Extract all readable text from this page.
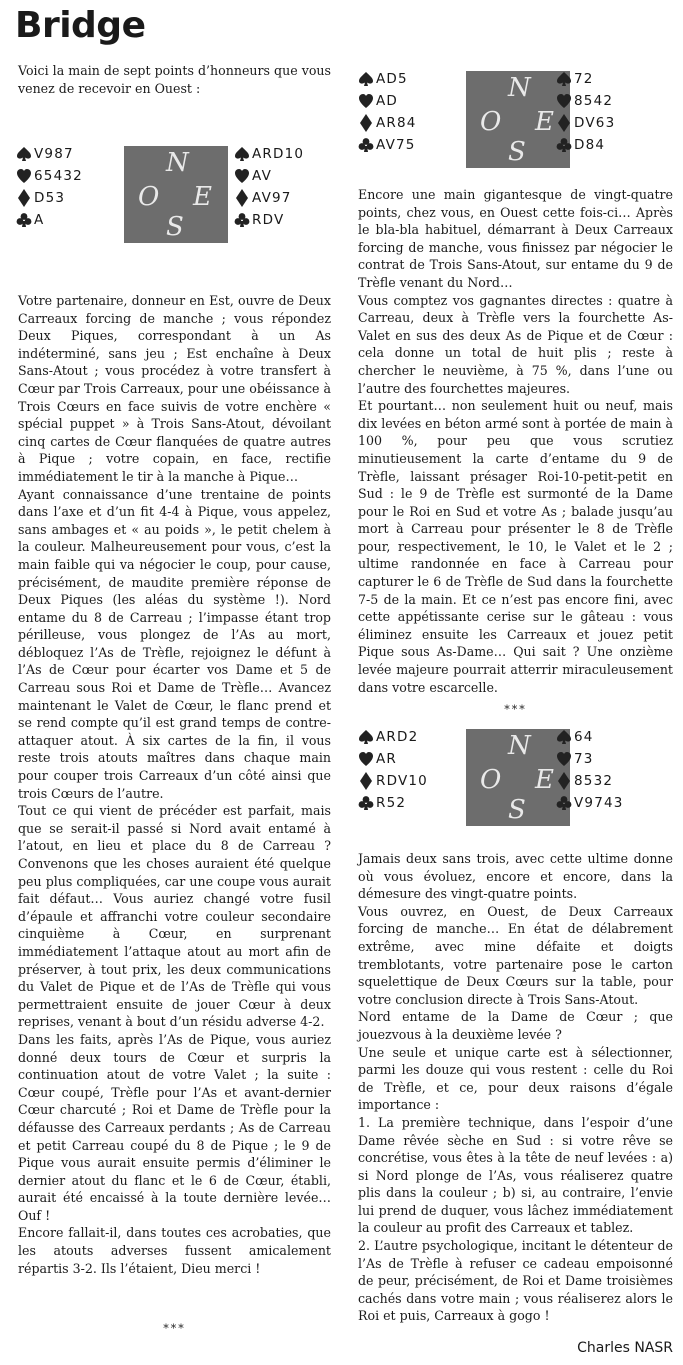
Bridge

Voici la main de sept points d’honneurs que vous venez de recevoir en Ouest :

V987
65432
D53
A
N
O E
S
ARD10
AV
AV97
RDV

Votre partenaire, donneur en Est, ouvre de Deux Carreaux forcing de manche ; vous répondez Deux Piques, correspondant à un As indéterminé, sans jeu ; Est enchaîne à Deux Sans-Atout ; vous procédez à votre transfert à Cœur par Trois Carreaux, pour une obéissance à Trois Cœurs en face suivis de votre enchère « spécial puppet » à Trois Sans-Atout, dévoilant cinq cartes de Cœur flanquées de quatre autres à Pique ; votre copain, en face, rectifie immédiatement le tir à la manche à Pique…

Ayant connaissance d’une trentaine de points dans l’axe et d’un fit 4-4 à Pique, vous appelez, sans ambages et « au poids », le petit chelem à la couleur. Malheureusement pour vous, c’est la main faible qui va négocier le coup, pour cause, précisément, de maudite première réponse de Deux Piques (les aléas du système !). Nord entame du 8 de Carreau ; l’impasse étant trop périlleuse, vous plongez de l’As au mort, débloquez l’As de Trèfle, rejoignez le défunt à l’As de Cœur pour écarter vos Dame et 5 de Carreau sous Roi et Dame de Trèfle… Avancez maintenant le Valet de Cœur, le flanc prend et se rend compte qu’il est grand temps de contre-attaquer atout. À six cartes de la fin, il vous reste trois atouts maîtres dans chaque main pour couper trois Carreaux d’un côté ainsi que trois Cœurs de l’autre.

Tout ce qui vient de précéder est parfait, mais que se serait-il passé si Nord avait entamé à l’atout, en lieu et place du 8 de Carreau ? Convenons que les choses auraient été quelque peu plus compliquées, car une coupe vous aurait fait défaut… Vous auriez changé votre fusil d’épaule et affranchi votre couleur secondaire cinquième à Cœur, en surprenant immédiatement l’attaque atout au mort afin de préserver, à tout prix, les deux communications du Valet de Pique et de l’As de Trèfle qui vous permettraient ensuite de jouer Cœur à deux reprises, venant à bout d’un résidu adverse 4-2.

Dans les faits, après l’As de Pique, vous auriez donné deux tours de Cœur et surpris la continuation atout de votre Valet ; la suite : Cœur coupé, Trèfle pour l’As et avant-dernier Cœur charcuté ; Roi et Dame de Trèfle pour la défausse des Carreaux perdants ; As de Carreau et petit Carreau coupé du 8 de Pique ; le 9 de Pique vous aurait ensuite permis d’éliminer le dernier atout du flanc et le 6 de Cœur, établi, aurait été encaissé à la toute dernière levée… Ouf !

Encore fallait-il, dans toutes ces acrobaties, que les atouts adverses fussent amicalement répartis 3-2. Ils l’étaient, Dieu merci !

***
AD5
AD
AR84
AV75
N
O E
S
72
8542
DV63
D84

Encore une main gigantesque de vingt-quatre points, chez vous, en Ouest cette fois-ci… Après le bla-bla habituel, démarrant à Deux Carreaux forcing de manche, vous finissez par négocier le contrat de Trois Sans-Atout, sur entame du 9 de Trèfle venant du Nord…

Vous comptez vos gagnantes directes : quatre à Carreau, deux à Trèfle vers la fourchette As-Valet en sus des deux As de Pique et de Cœur : cela donne un total de huit plis ; reste à chercher le neuvième, à 75 %, dans l’une ou l’autre des fourchettes majeures.

Et pourtant… non seulement huit ou neuf, mais dix levées en béton armé sont à portée de main à 100 %, pour peu que vous scrutiez minutieusement la carte d’entame du 9 de Trèfle, laissant présager Roi-10-petit-petit en Sud : le 9 de Trèfle est surmonté de la Dame pour le Roi en Sud et votre As ; balade jusqu’au mort à Carreau pour présenter le 8 de Trèfle pour, respectivement, le 10, le Valet et le 2 ; ultime randonnée en face à Carreau pour capturer le 6 de Trèfle de Sud dans la fourchette 7-5 de la main. Et ce n’est pas encore fini, avec cette appétissante cerise sur le gâteau : vous éliminez ensuite les Carreaux et jouez petit Pique sous As-Dame… Qui sait ? Une onzième levée majeure pourrait atterrir miraculeusement dans votre escarcelle.

***
ARD2
AR
RDV10
R52
N
O E
S
64
73
8532
V9743

Jamais deux sans trois, avec cette ultime donne où vous évoluez, encore et encore, dans la démesure des vingt-quatre points.

Vous ouvrez, en Ouest, de Deux Carreaux forcing de manche… En état de délabrement extrême, avec mine défaite et doigts tremblotants, votre partenaire pose le carton squelettique de Deux Cœurs sur la table, pour votre conclusion directe à Trois Sans-Atout.

Nord entame de la Dame de Cœur ; que jouezvous à la deuxième levée ?

Une seule et unique carte est à sélectionner, parmi les douze qui vous restent : celle du Roi de Trèfle, et ce, pour deux raisons d’égale importance :

1. La première technique, dans l’espoir d’une Dame rêvée sèche en Sud : si votre rêve se concrétise, vous êtes à la tête de neuf levées : a) si Nord plonge de l’As, vous réaliserez quatre plis dans la couleur ; b) si, au contraire, l’envie lui prend de duquer, vous lâchez immédiatement la couleur au profit des Carreaux et tablez.

2. L’autre psychologique, incitant le détenteur de l’As de Trèfle à refuser ce cadeau empoisonné de peur, précisément, de Roi et Dame troisièmes cachés dans votre main ; vous réaliserez alors le Roi et puis, Carreaux à gogo !

Charles NASR
